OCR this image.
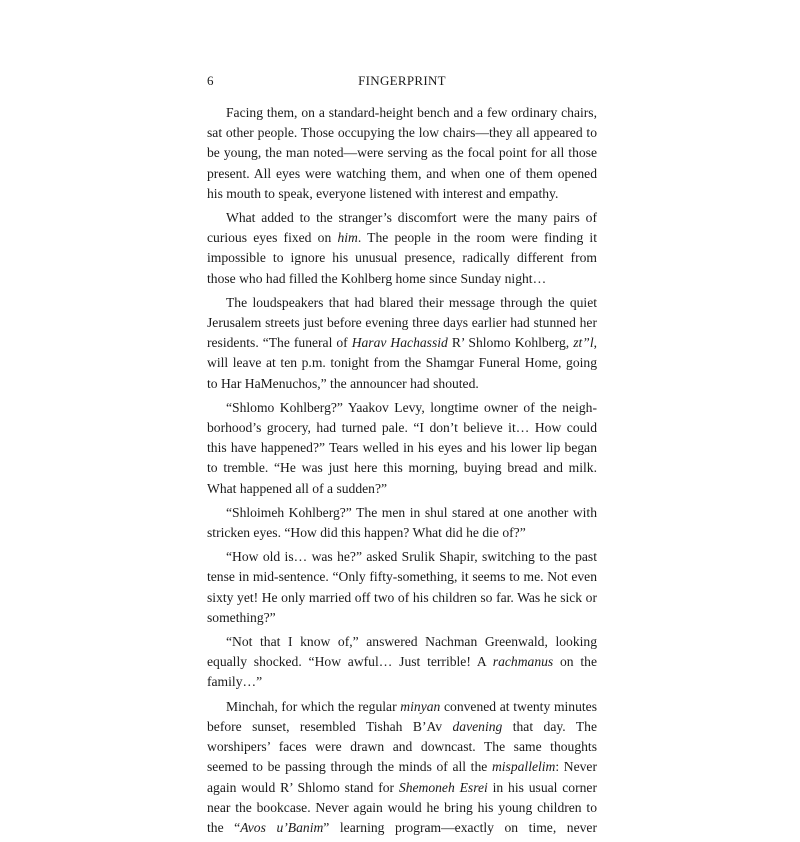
6	FINGERPRINT

Facing them, on a standard-height bench and a few ordinary chairs, sat other people. Those occupying the low chairs—they all appeared to be young, the man noted—were serving as the focal point for all those present. All eyes were watching them, and when one of them opened his mouth to speak, everyone listened with interest and empathy.

What added to the stranger’s discomfort were the many pairs of curious eyes fixed on him. The people in the room were finding it impossible to ignore his unusual presence, radically different from those who had filled the Kohlberg home since Sunday night…

The loudspeakers that had blared their message through the quiet Jerusalem streets just before evening three days earlier had stunned her residents. “The funeral of Harav Hachassid R’ Shlomo Kohlberg, zt”l, will leave at ten p.m. tonight from the Shamgar Funeral Home, going to Har HaMenuchos,” the announcer had shouted.

“Shlomo Kohlberg?” Yaakov Levy, longtime owner of the neighborhood’s grocery, had turned pale. “I don’t believe it… How could this have happened?” Tears welled in his eyes and his lower lip began to tremble. “He was just here this morning, buying bread and milk. What happened all of a sudden?”

“Shloimeh Kohlberg?” The men in shul stared at one another with stricken eyes. “How did this happen? What did he die of?”

“How old is… was he?” asked Srulik Shapir, switching to the past tense in mid-sentence. “Only fifty-something, it seems to me. Not even sixty yet! He only married off two of his children so far. Was he sick or something?”

“Not that I know of,” answered Nachman Greenwald, looking equally shocked. “How awful… Just terrible! A rachmanus on the family…”

Minchah, for which the regular minyan convened at twenty minutes before sunset, resembled Tishah B’Av davening that day. The worshipers’ faces were drawn and downcast. The same thoughts seemed to be passing through the minds of all the mispallelim: Never again would R’ Shlomo stand for Shemoneh Esrei in his usual corner near the bookcase. Never again would he bring his young children to the “Avos u’Banim” learning program—exactly on time, never
